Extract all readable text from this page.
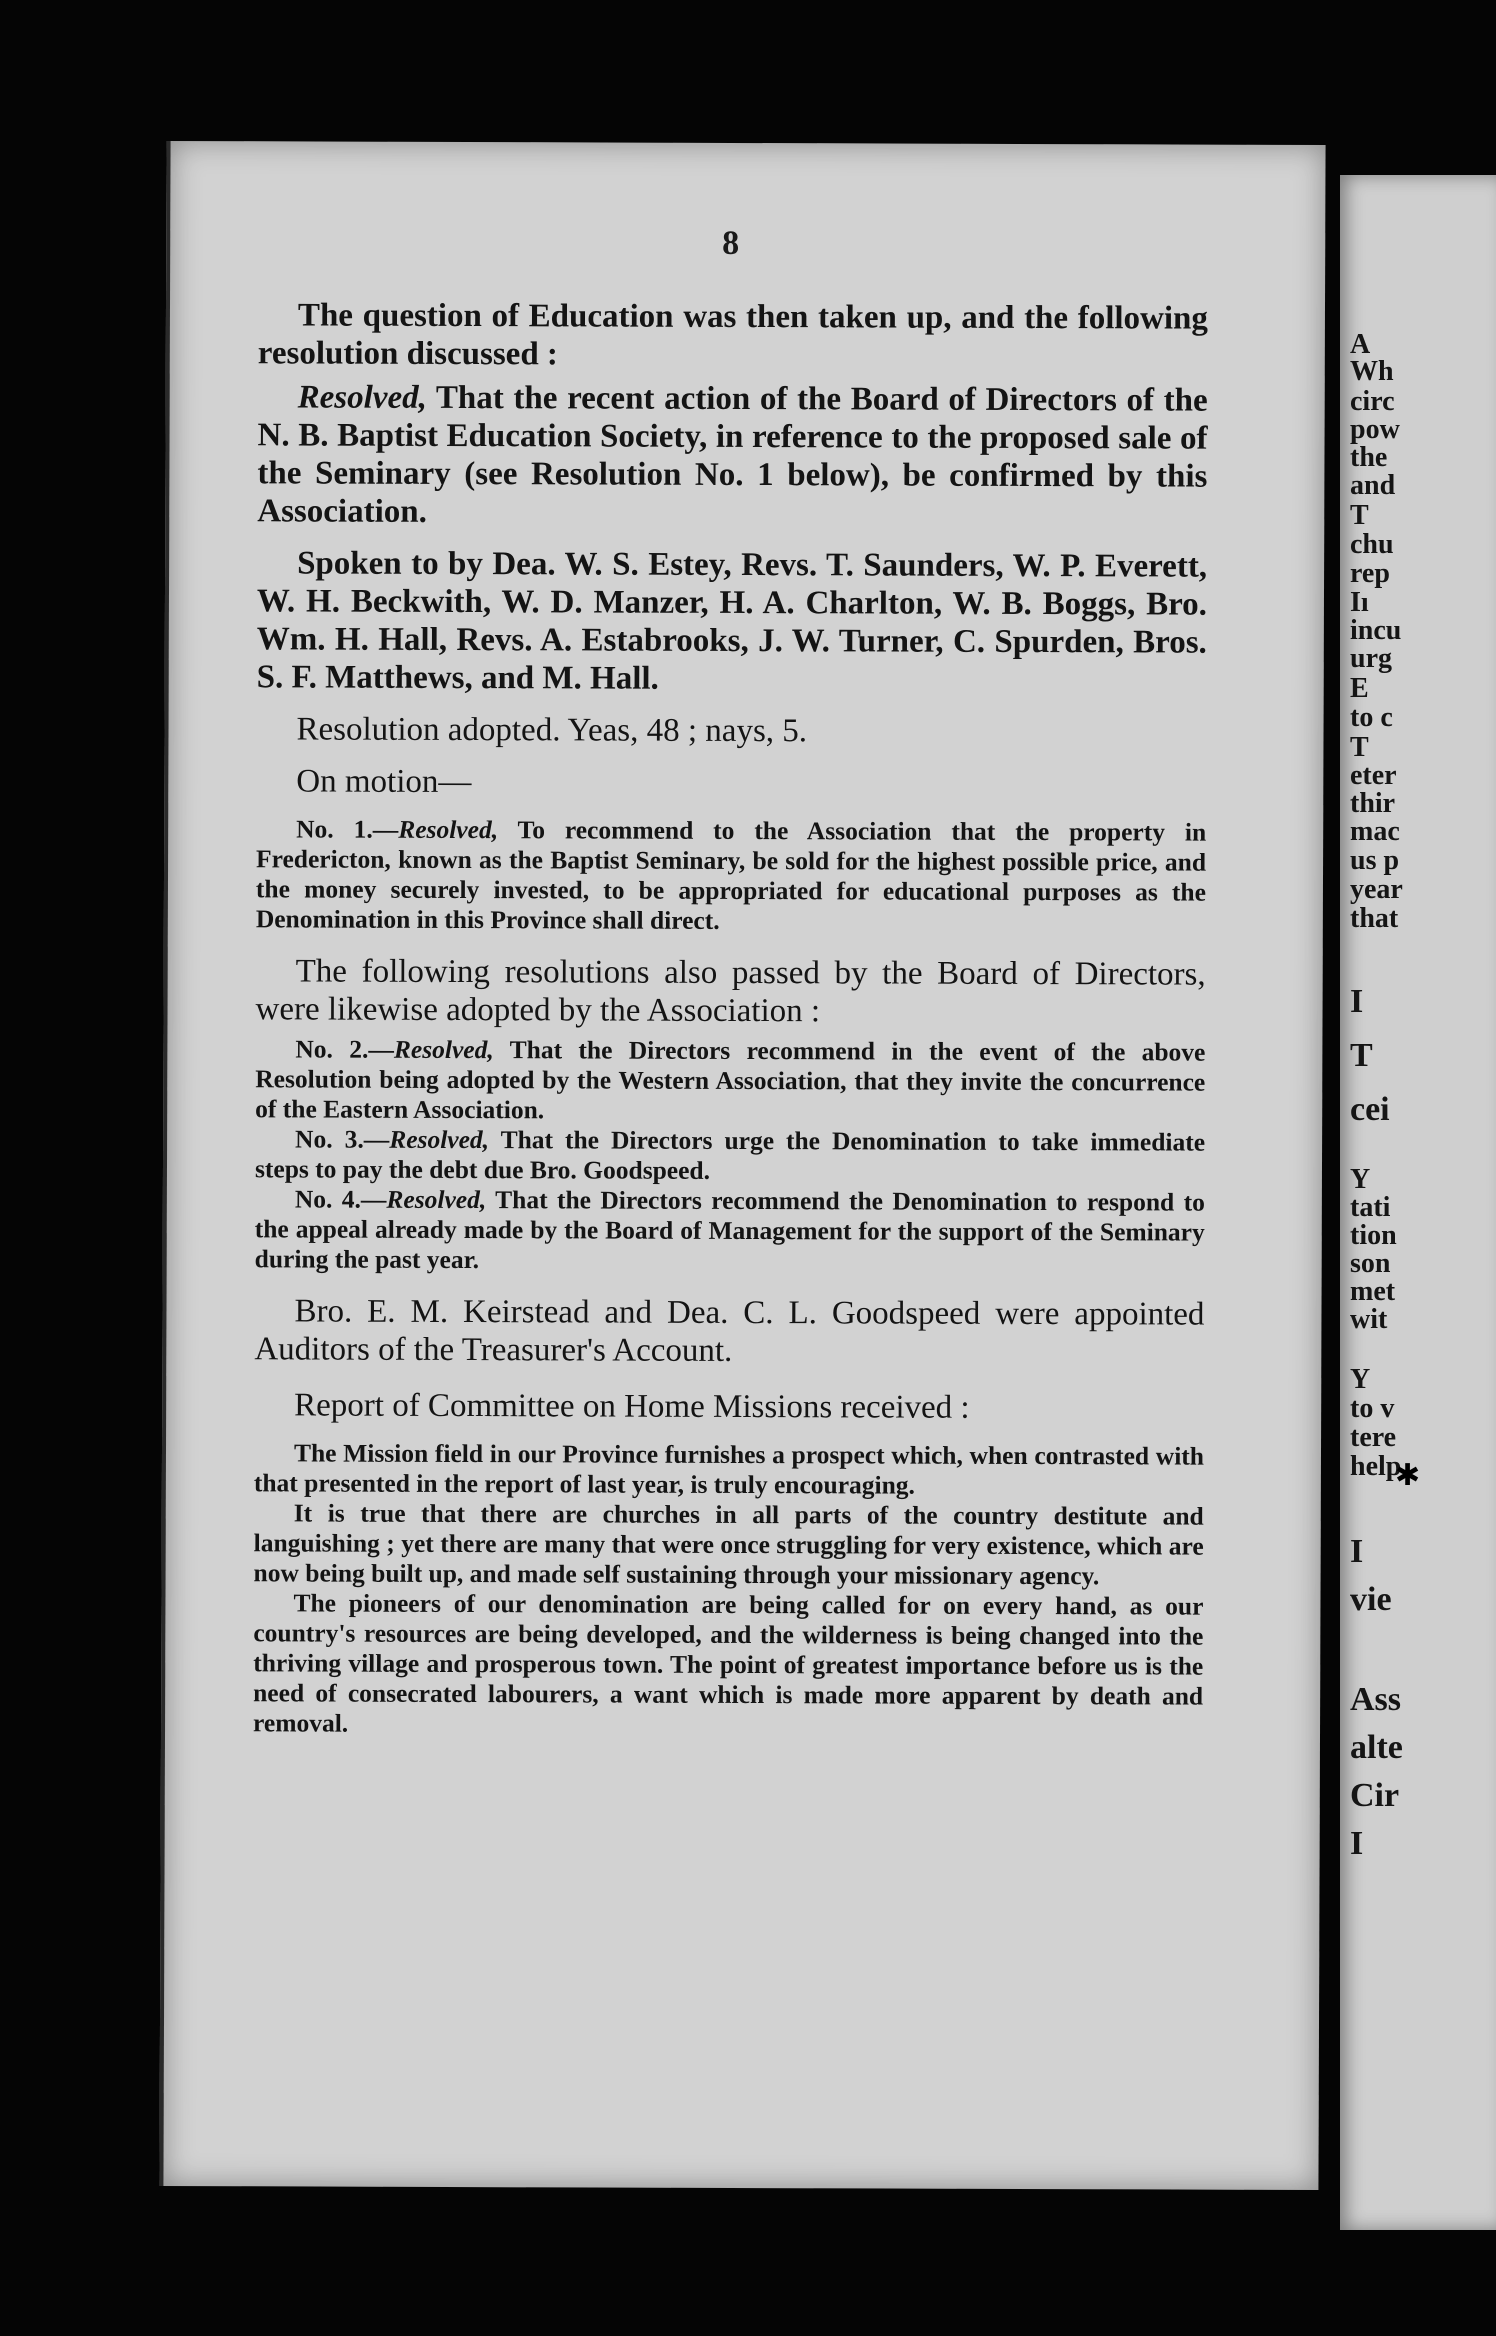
8

The question of Education was then taken up, and the following resolution discussed :

Resolved, That the recent action of the Board of Directors of the N. B. Baptist Education Society, in reference to the proposed sale of the Seminary (see Resolution No. 1 below), be confirmed by this Association.

Spoken to by Dea. W. S. Estey, Revs. T. Saunders, W. P. Everett, W. H. Beckwith, W. D. Manzer, H. A. Charlton, W. B. Boggs, Bro. Wm. H. Hall, Revs. A. Estabrooks, J. W. Turner, C. Spurden, Bros. S. F. Matthews, and M. Hall.

Resolution adopted. Yeas, 48 ; nays, 5.

On motion—

No. 1.—Resolved, To recommend to the Association that the property in Fredericton, known as the Baptist Seminary, be sold for the highest possible price, and the money securely invested, to be appropriated for educational purposes as the Denomination in this Province shall direct.

The following resolutions also passed by the Board of Directors, were likewise adopted by the Association :

No. 2.—Resolved, That the Directors recommend in the event of the above Resolution being adopted by the Western Association, that they invite the concurrence of the Eastern Association.

No. 3.—Resolved, That the Directors urge the Denomination to take immediate steps to pay the debt due Bro. Goodspeed.

No. 4.—Resolved, That the Directors recommend the Denomination to respond to the appeal already made by the Board of Management for the support of the Seminary during the past year.

Bro. E. M. Keirstead and Dea. C. L. Goodspeed were appointed Auditors of the Treasurer's Account.

Report of Committee on Home Missions received :

The Mission field in our Province furnishes a prospect which, when contrasted with that presented in the report of last year, is truly encouraging.

It is true that there are churches in all parts of the country destitute and languishing ; yet there are many that were once struggling for very existence, which are now being built up, and made self sustaining through your missionary agency.

The pioneers of our denomination are being called for on every hand, as our country's resources are being developed, and the wilderness is being changed into the thriving village and prosperous town. The point of greatest importance before us is the need of consecrated labourers, a want which is made more apparent by death and removal.

A
Wh
circ
pow
the
and
T
chu
rep
Iı
incu
urg
E
to c
T
eter
thir
mac
us p
year
that
I
T
cei
Y
tati
tion
son
met
wit
Y
to v
tere
help
I
vie
Ass
alte
Cir
I
✱
